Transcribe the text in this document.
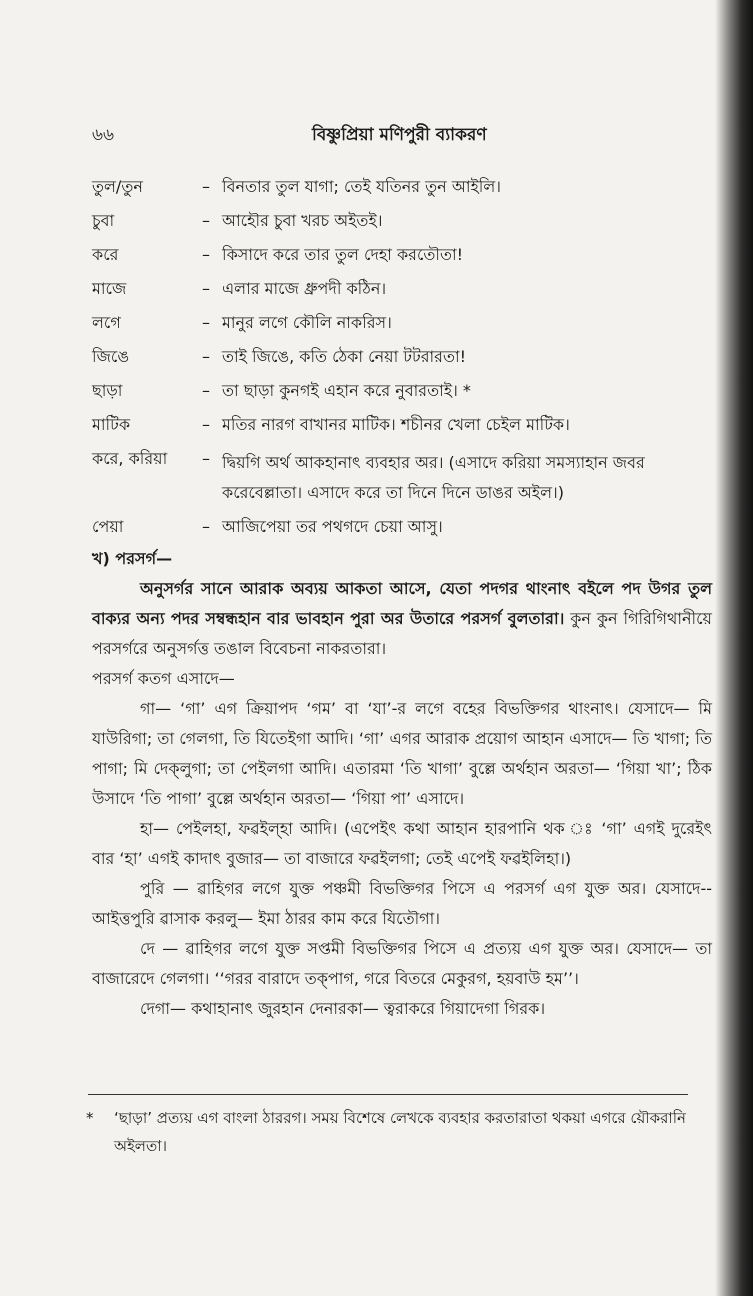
৬৬	বিষ্ণুপ্রিয়া মণিপুরী ব্যাকরণ
তুল/তুন	– বিনতার তুল যাগা; তেই যতিনর তুন আইলি।
চুবা	– আহৌর চুবা খরচ অইতই।
করে	– কিসাদে করে তার তুল দেহা করতৌতা!
মাজে	– এলার মাজে ধ্রুপদী কঠিন।
লগে	– মানুর লগে কৌলি নাকরিস।
জিঙে	– তাই জিঙে, কতি ঠেকা নেয়া টটরারতা!
ছাড়া	– তা ছাড়া কুনগই এহান করে নুবারতাই। *
মাটিক	– মতির নারগ বাখানর মাটিক। শচীনর খেলা চেইল মাটিক।
করে, করিয়া	– দ্বিয়গি অর্থ আকহানাৎ ব্যবহার অর। (এসাদে করিয়া সমস্যাহান জবর করেবেল্লাতা। এসাদে করে তা দিনে দিনে ডাঙর অইল।)
পেয়া	– আজিপেয়া তর পথগদে চেয়া আসু।

খ) পরসর্গ—

অনুসর্গর সানে আরাক অব্যয় আকতা আসে, যেতা পদগর থাংনাৎ বইলে পদ উগর তুল বাক্যর অন্য পদর সম্বন্ধহান বার ভাবহান পুরা অর উতারে পরসর্গ বুলতারা। কুন কুন গিরিগিথানীয়ে পরসর্গরে অনুসর্গত্ত তঙাল বিবেচনা নাকরতারা।

পরসর্গ কতগ এসাদে—

গা— ‘গা’ এগ ক্রিয়াপদ ‘গম’ বা ‘যা’-র লগে বহের বিভক্তিগর থাংনাৎ। যেসাদে— মি যাউরিগা; তা গেলগা, তি যিতেইগা আদি। ‘গা’ এগর আরাক প্রয়োগ আহান এসাদে— তি খাগা; তি পাগা; মি দেক্‌লুগা; তা পেইলগা আদি। এতারমা ‘তি খাগা’ বুল্লে অর্থহান অরতা— ‘গিয়া খা’; ঠিক উসাদে ‘তি পাগা’ বুল্লে অর্থহান অরতা— ‘গিয়া পা’ এসাদে।

হা— পেইলহা, ফৱইল্‌হা আদি। (এপেইৎ কথা আহান হারপানি থক ঃ ‘গা’ এগই দুরেইৎ বার ‘হা’ এগই কাদাৎ বুজার— তা বাজারে ফৱইলগা; তেই এপেই ফৱইলিহা।)

পুরি — ৱাহিগর লগে যুক্ত পঞ্চমী বিভক্তিগর পিসে এ পরসর্গ এগ যুক্ত অর। যেসাদে-- আইত্তপুরি ৱাসাক করলু— ইমা ঠারর কাম করে যিতৌগা।

দে — ৱাহিগর লগে যুক্ত সপ্তমী বিভক্তিগর পিসে এ প্রত্যয় এগ যুক্ত অর। যেসাদে— তা বাজারেদে গেলগা। ‘‘গরর বারাদে তক্‌পাগ, গরে বিতরে মেকুরগ, হয়বাউ হম’’।

দেগা— কথাহানাৎ জুরহান দেনারকা— ত্বরাকরে গিয়াদেগা গিরক।

* ‘ছাড়া’ প্রত্যয় এগ বাংলা ঠাররগ। সময় বিশেষে লেখকে ব্যবহার করতারাতা থকয়া এগরে য়ৌকরানি অইলতা।
